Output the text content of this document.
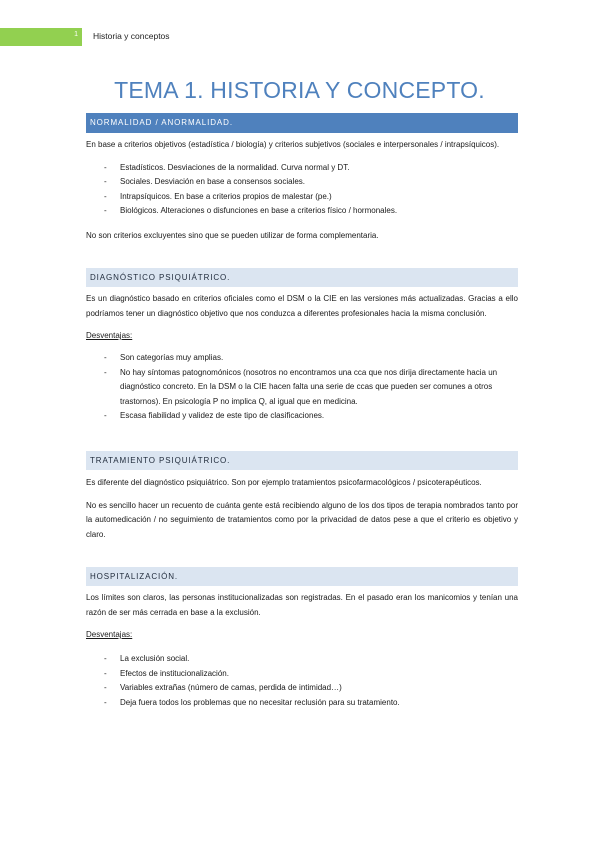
1 Historia y conceptos
TEMA 1. HISTORIA Y CONCEPTO.
NORMALIDAD / ANORMALIDAD.

En base a criterios objetivos (estadística / biología) y criterios subjetivos (sociales e interpersonales / intrapsíquicos).

- Estadísticos. Desviaciones de la normalidad. Curva normal y DT.
- Sociales. Desviación en base a consensos sociales.
- Intrapsíquicos. En base a criterios propios de malestar (pe.)
- Biológicos. Alteraciones o disfunciones en base a criterios físico / hormonales.

No son criterios excluyentes sino que se pueden utilizar de forma complementaria.

DIAGNÓSTICO PSIQUIÁTRICO.

Es un diagnóstico basado en criterios oficiales como el DSM o la CIE en las versiones más actualizadas. Gracias a ello podríamos tener un diagnóstico objetivo que nos conduzca a diferentes profesionales hacia la misma conclusión.

Desventajas:

- Son categorías muy amplias.
- No hay síntomas patognomónicos (nosotros no encontramos una cca que nos dirija directamente hacia un diagnóstico concreto. En la DSM o la CIE hacen falta una serie de ccas que pueden ser comunes a otros trastornos). En psicología P no implica Q, al igual que en medicina.
- Escasa fiabilidad y validez de este tipo de clasificaciones.
TRATAMIENTO PSIQUIÁTRICO.

Es diferente del diagnóstico psiquiátrico. Son por ejemplo tratamientos psicofarmacológicos / psicoterapéuticos.

No es sencillo hacer un recuento de cuánta gente está recibiendo alguno de los dos tipos de terapia nombrados tanto por la automedicación / no seguimiento de tratamientos como por la privacidad de datos pese a que el criterio es objetivo y claro.

HOSPITALIZACIÓN.

Los límites son claros, las personas institucionalizadas son registradas. En el pasado eran los manicomios y tenían una razón de ser más cerrada en base a la exclusión.

Desventajas:

- La exclusión social.
- Efectos de institucionalización.
- Variables extrañas (número de camas, perdida de intimidad…)
- Deja fuera todos los problemas que no necesitar reclusión para su tratamiento.
